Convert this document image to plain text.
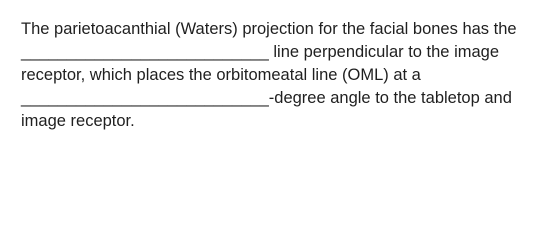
The parietoacanthial (Waters) projection for the facial bones has the ___________________________ line perpendicular to the image receptor, which places the orbitomeatal line (OML) at a ___________________________-degree angle to the tabletop and image receptor.
